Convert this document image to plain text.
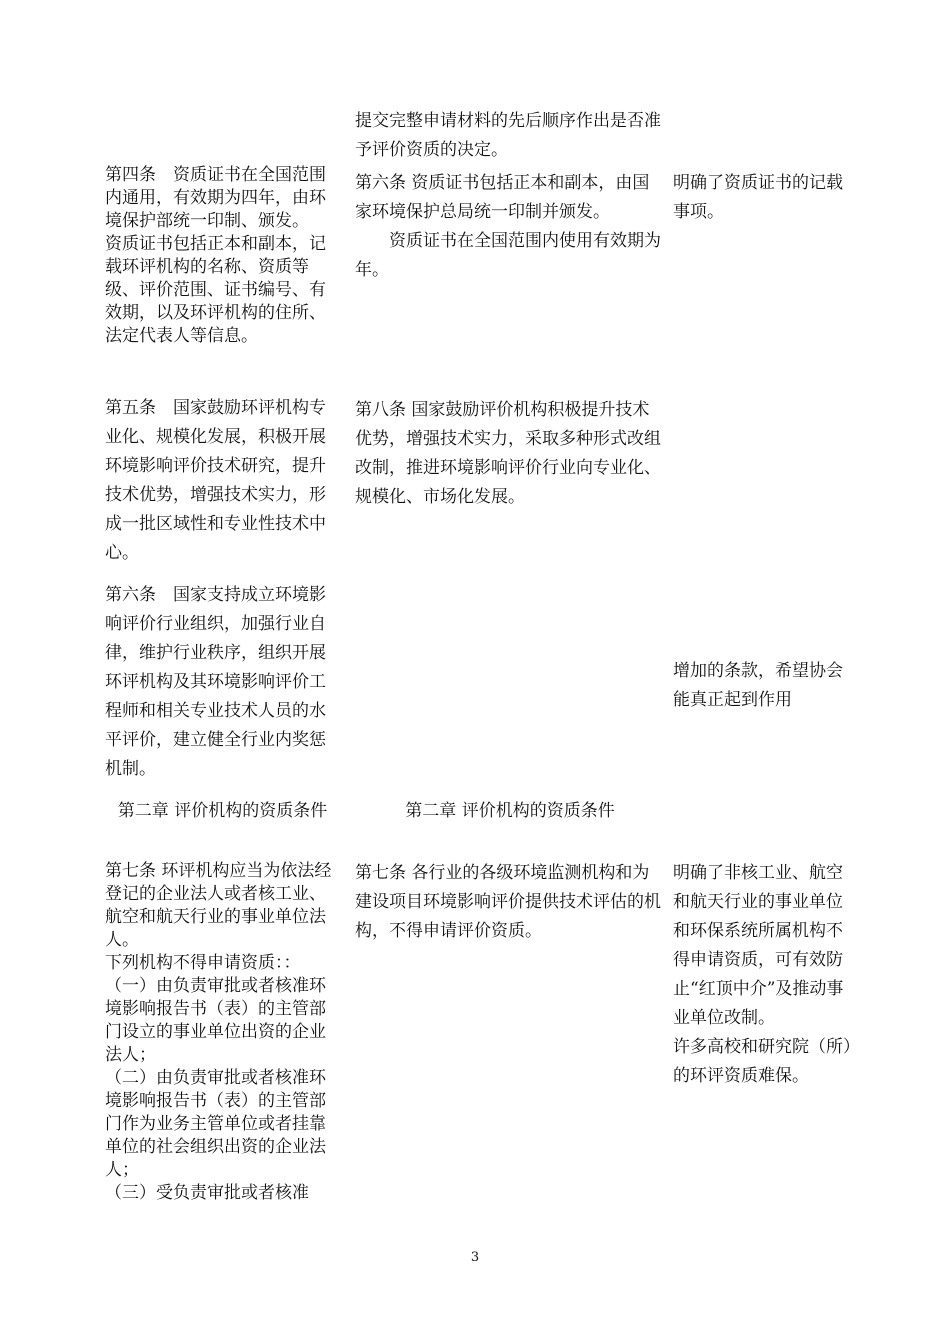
第四条　资质证书在全国范围内通用，有效期为四年，由环境保护部统一印制、颁发。
资质证书包括正本和副本，记载环评机构的名称、资质等级、评价范围、证书编号、有效期，以及环评机构的住所、法定代表人等信息。

第五条　国家鼓励环评机构专业化、规模化发展，积极开展环境影响评价技术研究，提升技术优势，增强技术实力，形成一批区域性和专业性技术中心。

第六条　国家支持成立环境影响评价行业组织，加强行业自律，维护行业秩序，组织开展环评机构及其环境影响评价工程师和相关专业技术人员的水平评价，建立健全行业内奖惩机制。

第二章 评价机构的资质条件

第七条 环评机构应当为依法经登记的企业法人或者核工业、航空和航天行业的事业单位法人。
下列机构不得申请资质：：
（一）由负责审批或者核准环境影响报告书（表）的主管部门设立的事业单位出资的企业法人；
（二）由负责审批或者核准环境影响报告书（表）的主管部门作为业务主管单位或者挂靠单位的社会组织出资的企业法人；
（三）受负责审批或者核准

提交完整申请材料的先后顺序作出是否准予评价资质的决定。

第六条 资质证书包括正本和副本，由国家环境保护总局统一印制并颁发。
　　资质证书在全国范围内使用有效期为 年。

第八条 国家鼓励评价机构积极提升技术优势，增强技术实力，采取多种形式改组改制，推进环境影响评价行业向专业化、规模化、市场化发展。

第二章 评价机构的资质条件

第七条 各行业的各级环境监测机构和为建设项目环境影响评价提供技术评估的机构，不得申请评价资质。

明确了资质证书的记载事项。

增加的条款，希望协会能真正起到作用

明确了非核工业、航空和航天行业的事业单位和环保系统所属机构不得申请资质，可有效防止“红顶中介”及推动事业单位改制。
许多高校和研究院（所）的环评资质难保。

3
